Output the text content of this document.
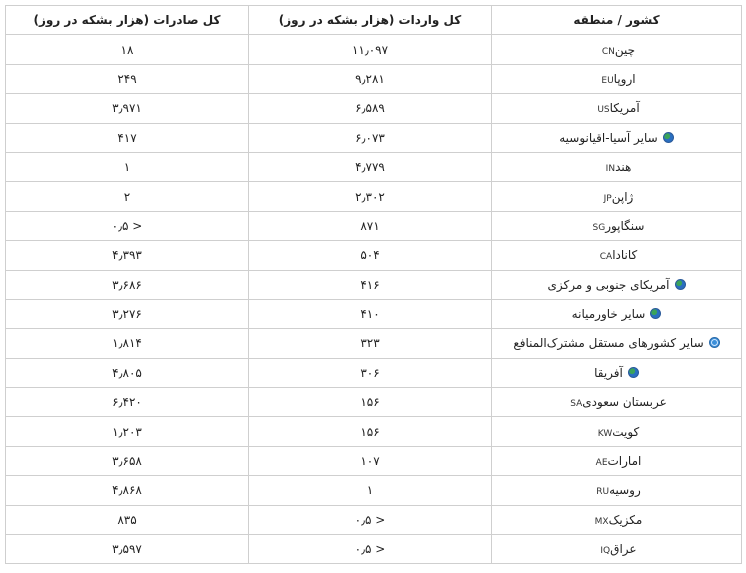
کشور / منطقه	کل واردات (هزار بشکه در روز)	کل صادرات (هزار بشکه در روز)
چینCN	۱۱٫۰۹۷	۱۸
اروپاEU	۹٫۲۸۱	۲۴۹
آمریکاUS	۶٫۵۸۹	۳٫۹۷۱
سایر آسیا-اقیانوسیه	۶٫۰۷۳	۴۱۷
هندIN	۴٫۷۷۹	۱
ژاپنJP	۲٫۳۰۲	۲
سنگاپورSG	۸۷۱	< ۰٫۵
کاناداCA	۵۰۴	۴٫۳۹۳
آمریکای جنوبی و مرکزی	۴۱۶	۳٫۶۸۶
سایر خاورمیانه	۴۱۰	۳٫۲۷۶
سایر کشورهای مستقل مشترک‌المنافع	۳۲۳	۱٫۸۱۴
آفریقا	۳۰۶	۴٫۸۰۵
عربستان سعودیSA	۱۵۶	۶٫۴۲۰
کویتKW	۱۵۶	۱٫۲۰۳
اماراتAE	۱۰۷	۳٫۶۵۸
روسیهRU	۱	۴٫۸۶۸
مکزیکMX	< ۰٫۵	۸۳۵
عراقIQ	< ۰٫۵	۳٫۵۹۷
